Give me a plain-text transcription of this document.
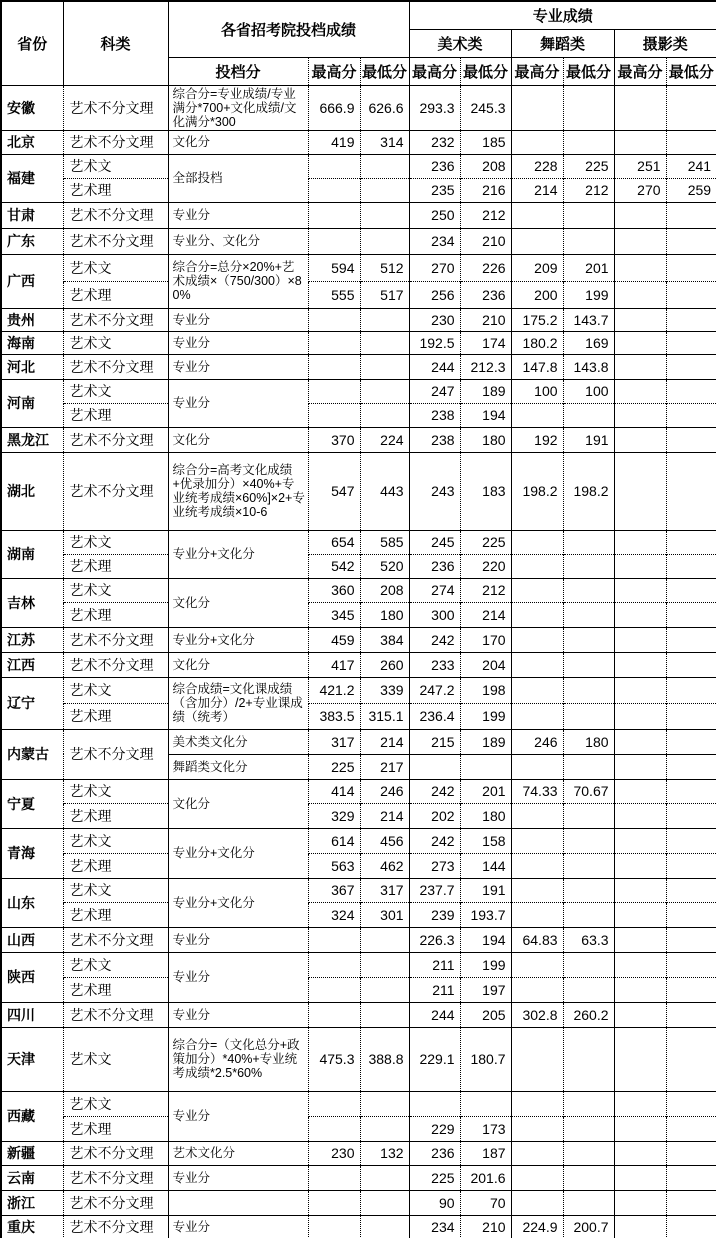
省份	科类	各省招考院投档成绩			专业成绩					
					美术类		舞蹈类		摄影类	
		投档分	最高分	最低分	最高分	最低分	最高分	最低分	最高分	最低分
安徽	艺术不分文理	综合分=专业成绩/专业满分*700+文化成绩/文化满分*300	666.9	626.6	293.3	245.3				
北京	艺术不分文理	文化分	419	314	232	185				
福建	艺术文	全部投档			236	208	228	225	251	241
	艺术理				235	216	214	212	270	259
甘肃	艺术不分文理	专业分			250	212				
广东	艺术不分文理	专业分、文化分			234	210				
广西	艺术文	综合分=总分×20%+艺术成绩×（750/300）×80%	594	512	270	226	209	201		
	艺术理		555	517	256	236	200	199		
贵州	艺术不分文理	专业分			230	210	175.2	143.7		
海南	艺术文	专业分			192.5	174	180.2	169		
河北	艺术不分文理	专业分			244	212.3	147.8	143.8		
河南	艺术文	专业分			247	189	100	100		
	艺术理				238	194				
黑龙江	艺术不分文理	文化分	370	224	238	180	192	191		
湖北	艺术不分文理	综合分=高考文化成绩+优录加分）×40%+专业统考成绩×60%]×2+专业统考成绩×10-6	547	443	243	183	198.2	198.2		
湖南	艺术文	专业分+文化分	654	585	245	225				
	艺术理		542	520	236	220				
吉林	艺术文	文化分	360	208	274	212				
	艺术理		345	180	300	214				
江苏	艺术不分文理	专业分+文化分	459	384	242	170				
江西	艺术不分文理	文化分	417	260	233	204				
辽宁	艺术文	综合成绩=文化课成绩（含加分）/2+专业课成绩（统考）	421.2	339	247.2	198				
	艺术理		383.5	315.1	236.4	199				
内蒙古	艺术不分文理	美术类文化分	317	214	215	189	246	180		
		舞蹈类文化分	225	217						
宁夏	艺术文	文化分	414	246	242	201	74.33	70.67		
	艺术理		329	214	202	180				
青海	艺术文	专业分+文化分	614	456	242	158				
	艺术理		563	462	273	144				
山东	艺术文	专业分+文化分	367	317	237.7	191				
	艺术理		324	301	239	193.7				
山西	艺术不分文理	专业分			226.3	194	64.83	63.3		
陕西	艺术文	专业分			211	199				
	艺术理				211	197				
四川	艺术不分文理	专业分			244	205	302.8	260.2		
天津	艺术文	综合分=（文化总分+政策加分）*40%+专业统考成绩*2.5*60%	475.3	388.8	229.1	180.7				
西藏	艺术文	专业分								
	艺术理				229	173				
新疆	艺术不分文理	艺术文化分	230	132	236	187				
云南	艺术不分文理	专业分			225	201.6				
浙江	艺术不分文理				90	70				
重庆	艺术不分文理	专业分			234	210	224.9	200.7		
